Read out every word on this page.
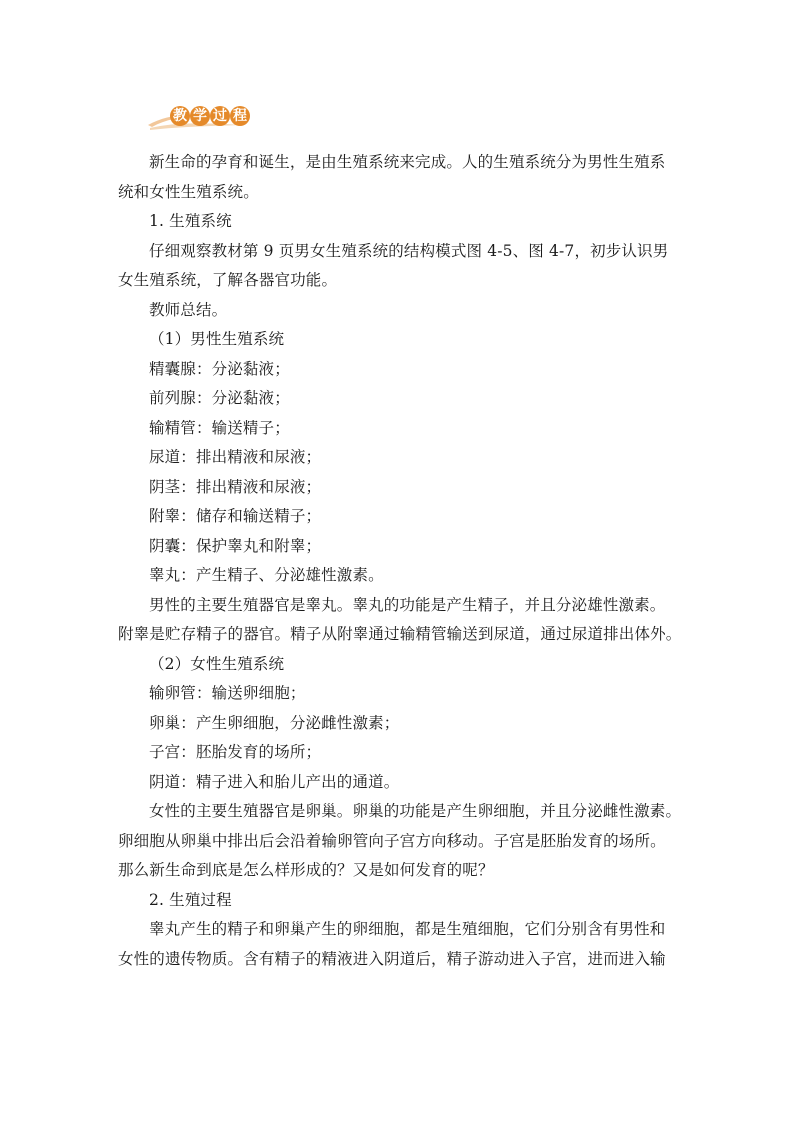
教 学 过 程

新生命的孕育和诞生，是由生殖系统来完成。人的生殖系统分为男性生殖系

统和女性生殖系统。

1. 生殖系统

仔细观察教材第 9 页男女生殖系统的结构模式图 4-5、图 4-7，初步认识男

女生殖系统，了解各器官功能。

教师总结。

（1）男性生殖系统

精囊腺：分泌黏液；

前列腺：分泌黏液；

输精管：输送精子；

尿道：排出精液和尿液；

阴茎：排出精液和尿液；

附睾：储存和输送精子；

阴囊：保护睾丸和附睾；

睾丸：产生精子、分泌雄性激素。

男性的主要生殖器官是睾丸。睾丸的功能是产生精子，并且分泌雄性激素。

附睾是贮存精子的器官。精子从附睾通过输精管输送到尿道，通过尿道排出体外。

（2）女性生殖系统

输卵管：输送卵细胞；

卵巢：产生卵细胞，分泌雌性激素；

子宫：胚胎发育的场所；

阴道：精子进入和胎儿产出的通道。

女性的主要生殖器官是卵巢。卵巢的功能是产生卵细胞，并且分泌雌性激素。

卵细胞从卵巢中排出后会沿着输卵管向子宫方向移动。子宫是胚胎发育的场所。

那么新生命到底是怎么样形成的？又是如何发育的呢？

2. 生殖过程

睾丸产生的精子和卵巢产生的卵细胞，都是生殖细胞，它们分别含有男性和

女性的遗传物质。含有精子的精液进入阴道后，精子游动进入子宫，进而进入输
